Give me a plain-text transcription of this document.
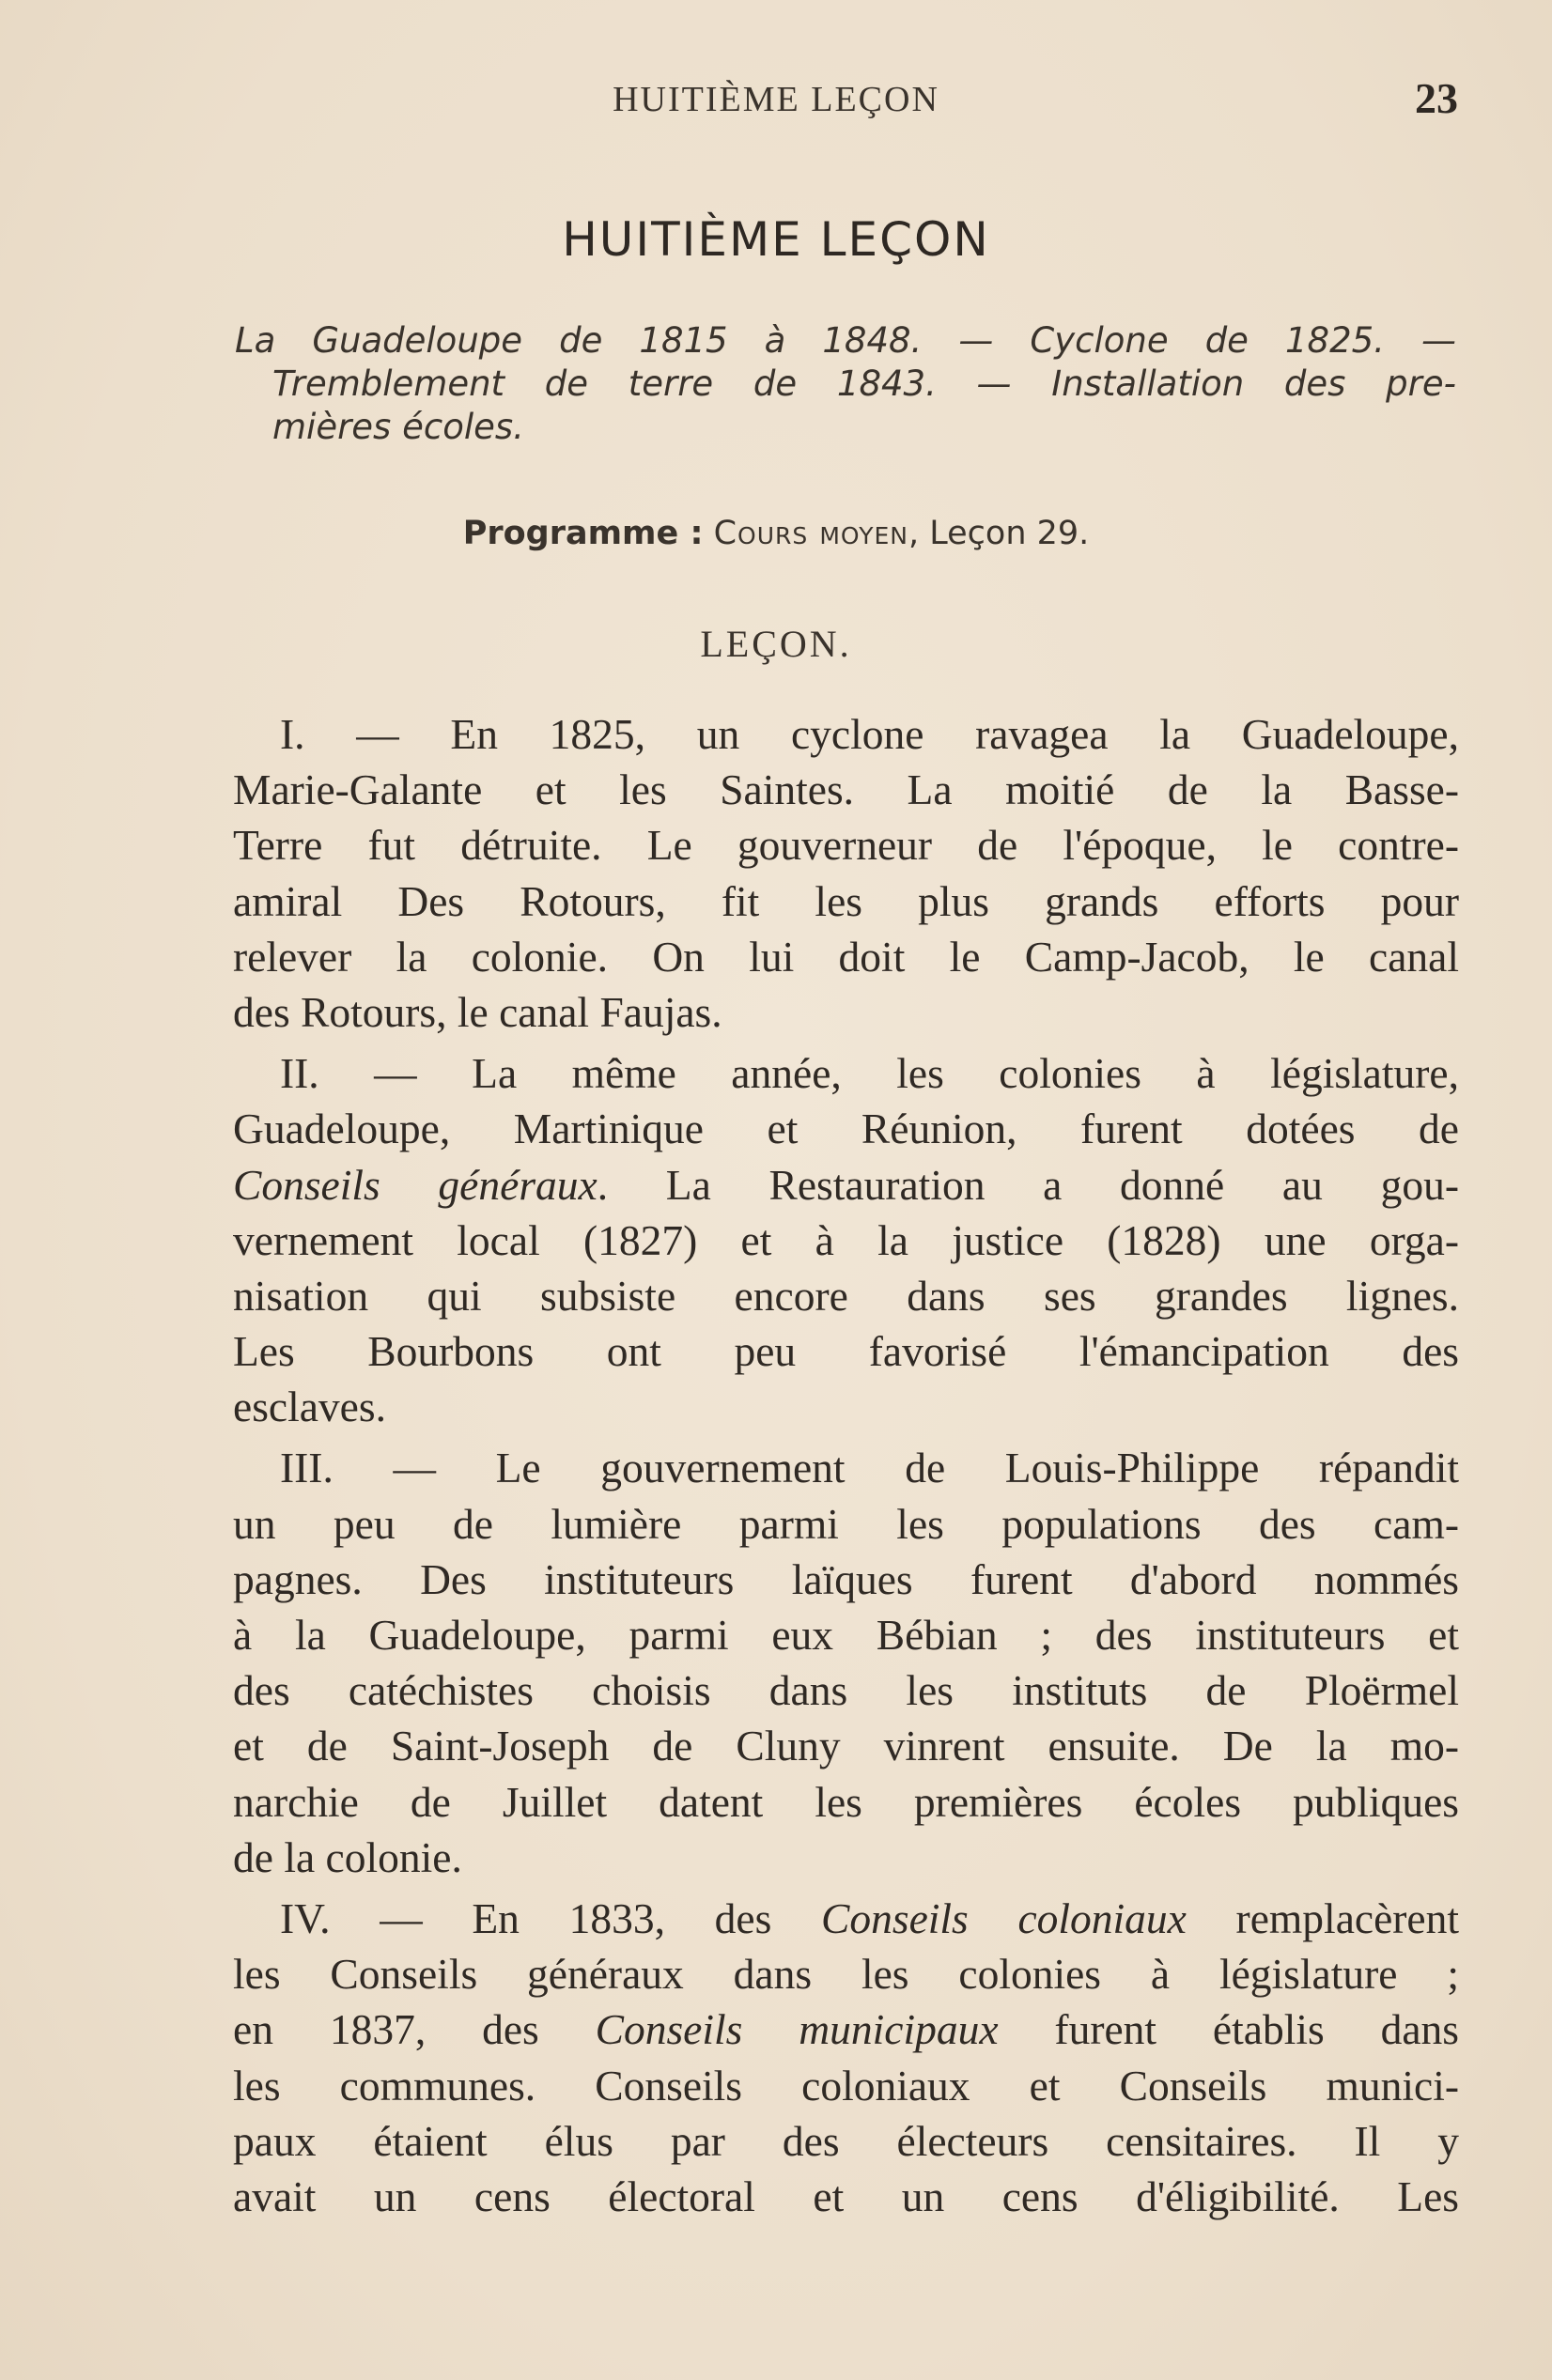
HUITIÈME LEÇON	23
HUITIÈME LEÇON
La Guadeloupe de 1815 à 1848. — Cyclone de 1825. —
Tremblement de terre de 1843. — Installation des pre-
mières écoles.
Programme : Cours moyen, Leçon 29.
LEÇON.
I. — En 1825, un cyclone ravagea la Guadeloupe,
Marie-Galante et les Saintes. La moitié de la Basse-
Terre fut détruite. Le gouverneur de l'époque, le contre-
amiral Des Rotours, fit les plus grands efforts pour
relever la colonie. On lui doit le Camp-Jacob, le canal
des Rotours, le canal Faujas.
II. — La même année, les colonies à législature,
Guadeloupe, Martinique et Réunion, furent dotées de
Conseils généraux. La Restauration a donné au gou-
vernement local (1827) et à la justice (1828) une orga-
nisation qui subsiste encore dans ses grandes lignes.
Les Bourbons ont peu favorisé l'émancipation des
esclaves.
III. — Le gouvernement de Louis-Philippe répandit
un peu de lumière parmi les populations des cam-
pagnes. Des instituteurs laïques furent d'abord nommés
à la Guadeloupe, parmi eux Bébian ; des instituteurs et
des catéchistes choisis dans les instituts de Ploërmel
et de Saint-Joseph de Cluny vinrent ensuite. De la mo-
narchie de Juillet datent les premières écoles publiques
de la colonie.
IV. — En 1833, des Conseils coloniaux remplacèrent
les Conseils généraux dans les colonies à législature ;
en 1837, des Conseils municipaux furent établis dans
les communes. Conseils coloniaux et Conseils munici-
paux étaient élus par des électeurs censitaires. Il y
avait un cens électoral et un cens d'éligibilité. Les
